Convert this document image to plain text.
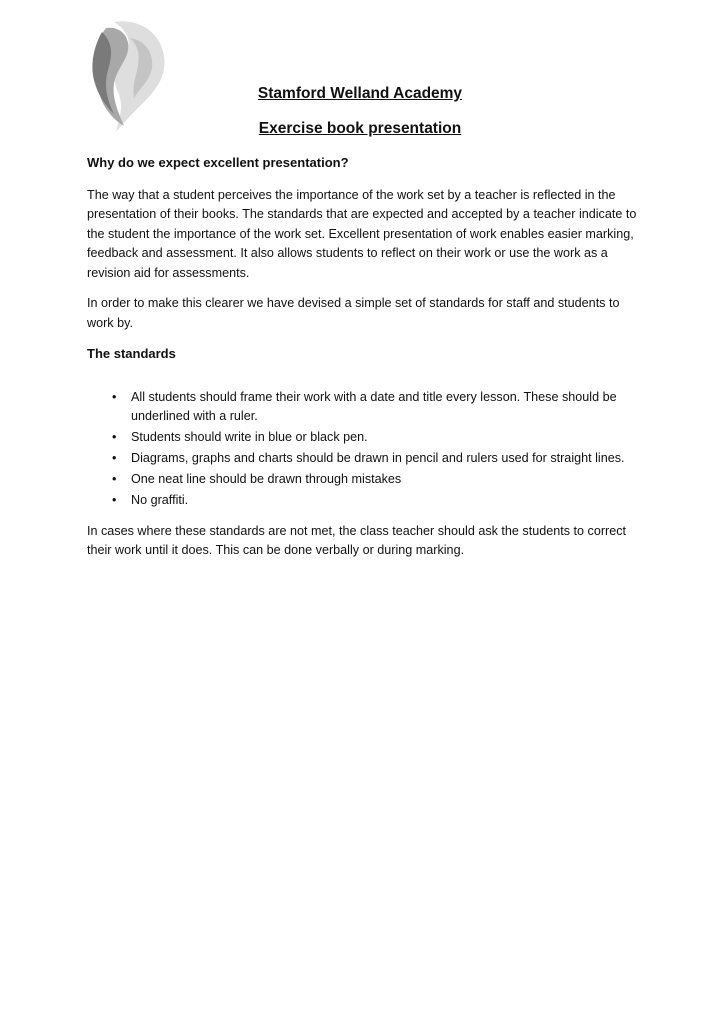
Stamford Welland Academy
Exercise book presentation

Why do we expect excellent presentation?

The way that a student perceives the importance of the work set by a teacher is reflected in the presentation of their books. The standards that are expected and accepted by a teacher indicate to the student the importance of the work set. Excellent presentation of work enables easier marking, feedback and assessment. It also allows students to reflect on their work or use the work as a revision aid for assessments.

In order to make this clearer we have devised a simple set of standards for staff and students to work by.

The standards

• All students should frame their work with a date and title every lesson. These should be underlined with a ruler.
• Students should write in blue or black pen.
• Diagrams, graphs and charts should be drawn in pencil and rulers used for straight lines.
• One neat line should be drawn through mistakes
• No graffiti.

In cases where these standards are not met, the class teacher should ask the students to correct their work until it does. This can be done verbally or during marking.
